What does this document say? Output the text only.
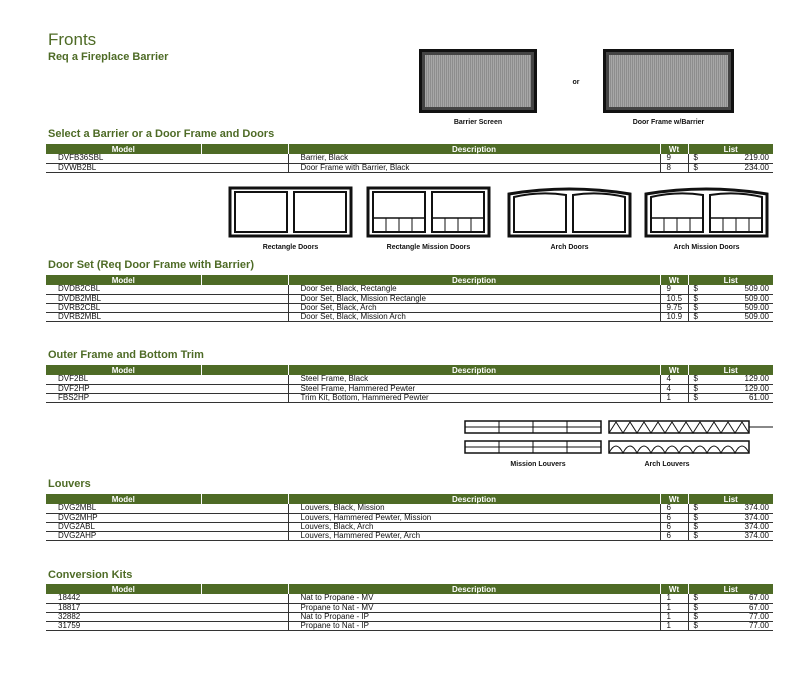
Fronts
Req a Fireplace Barrier
Barrier Screen
or
Door Frame w/Barrier
Select a Barrier or a Door Frame and Doors
Model		Description	Wt	List	
DVFB36SBL		Barrier, Black	9	$	219.00
DVWB2BL		Door Frame with Barrier, Black	8	$	234.00
Rectangle Doors	Rectangle Mission Doors	Arch Doors	Arch Mission Doors
Door Set (Req Door Frame with Barrier)
Model		Description	Wt	List	
DVDB2CBL		Door Set, Black, Rectangle	9	$	509.00
DVDB2MBL		Door Set, Black, Mission Rectangle	10.5	$	509.00
DVRB2CBL		Door Set, Black, Arch	9.75	$	509.00
DVRB2MBL		Door Set, Black, Mission Arch	10.9	$	509.00
Outer Frame and Bottom Trim
Model		Description	Wt	List	
DVF2BL		Steel Frame, Black	4	$	129.00
DVF2HP		Steel Frame, Hammered Pewter	4	$	129.00
FBS2HP		Trim Kit, Bottom, Hammered Pewter	1	$	61.00
Mission Louvers	Arch Louvers
Louvers
Model		Description	Wt	List	
DVG2MBL		Louvers, Black, Mission	6	$	374.00
DVG2MHP		Louvers, Hammered Pewter, Mission	6	$	374.00
DVG2ABL		Louvers, Black, Arch	6	$	374.00
DVG2AHP		Louvers, Hammered Pewter, Arch	6	$	374.00
Conversion Kits
Model		Description	Wt	List	
18442		Nat to Propane - MV	1	$	67.00
18817		Propane to Nat - MV	1	$	67.00
32882		Nat to Propane - IP	1	$	77.00
31759		Propane to Nat - IP	1	$	77.00
